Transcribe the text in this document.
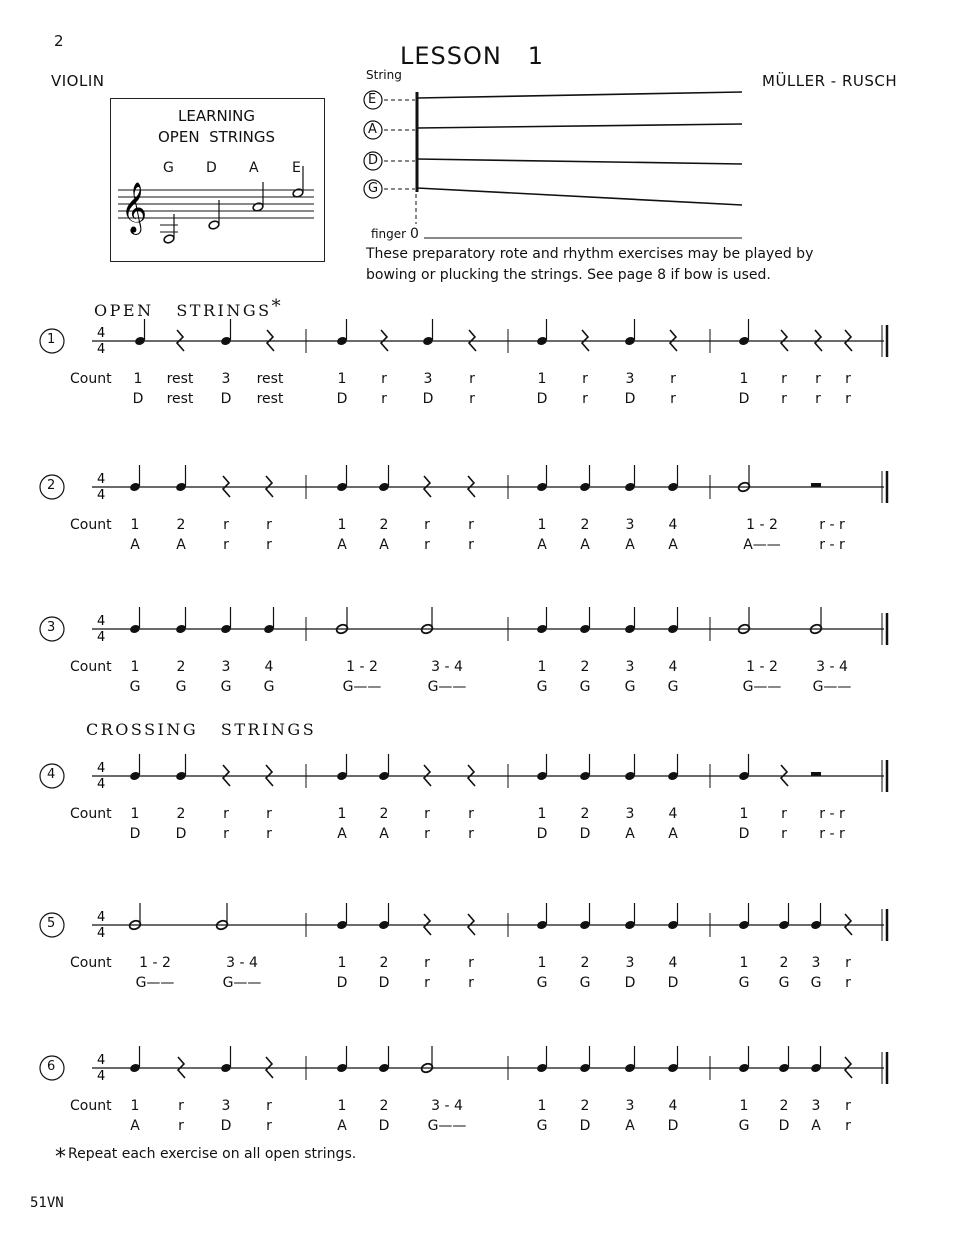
2
VIOLIN
LESSON   1
MÜLLER - RUSCH
LEARNING
OPEN  STRINGS
G D A E
𝄞
String
E
A
D
G
finger 0
These preparatory rote and rhythm exercises may be played by bowing or plucking the strings. See page 8 if bow is used.
OPEN   STRINGS*
CROSSING   STRINGS
4
4
1
Count	1	rest	3	rest	1	r	3	r	1	r	3	r	1	r	r	r
D	rest	D	rest	D	r	D	r	D	r	D	r	D	r	r	r
4
4
2
Count	1	2	r	r	1	2	r	r	1	2	3	4	1 - 2	r - r
A	A	r	r	A	A	r	r	A	A	A	A	A——	r - r
4
4
3
Count	1	2	3	4	1 - 2	3 - 4	1	2	3	4	1 - 2	3 - 4
G	G	G	G	G——	G——	G	G	G	G	G—— G——
4
4
4
Count	1	2	r	r	1	2	r	r	1	2	3	4	1	r	r - r
D	D	r	r	A	A	r	r	D	D	A	A	D	r	r - r
4
4
5
Count	1 - 2	3 - 4	1	2	r	r	1	2	3	4	1	2	3	r
G——	G——	D	D	r	r	G	G	D	D	G	G	G	r
4
4
6
Count	1	r	3	r	1	2	3 - 4	1	2	3	4	1	2	3	r
A	r	D	r	A	D	G——	G	D	A	D	G	D	A	r
* Repeat each exercise on all open strings.
51VN
